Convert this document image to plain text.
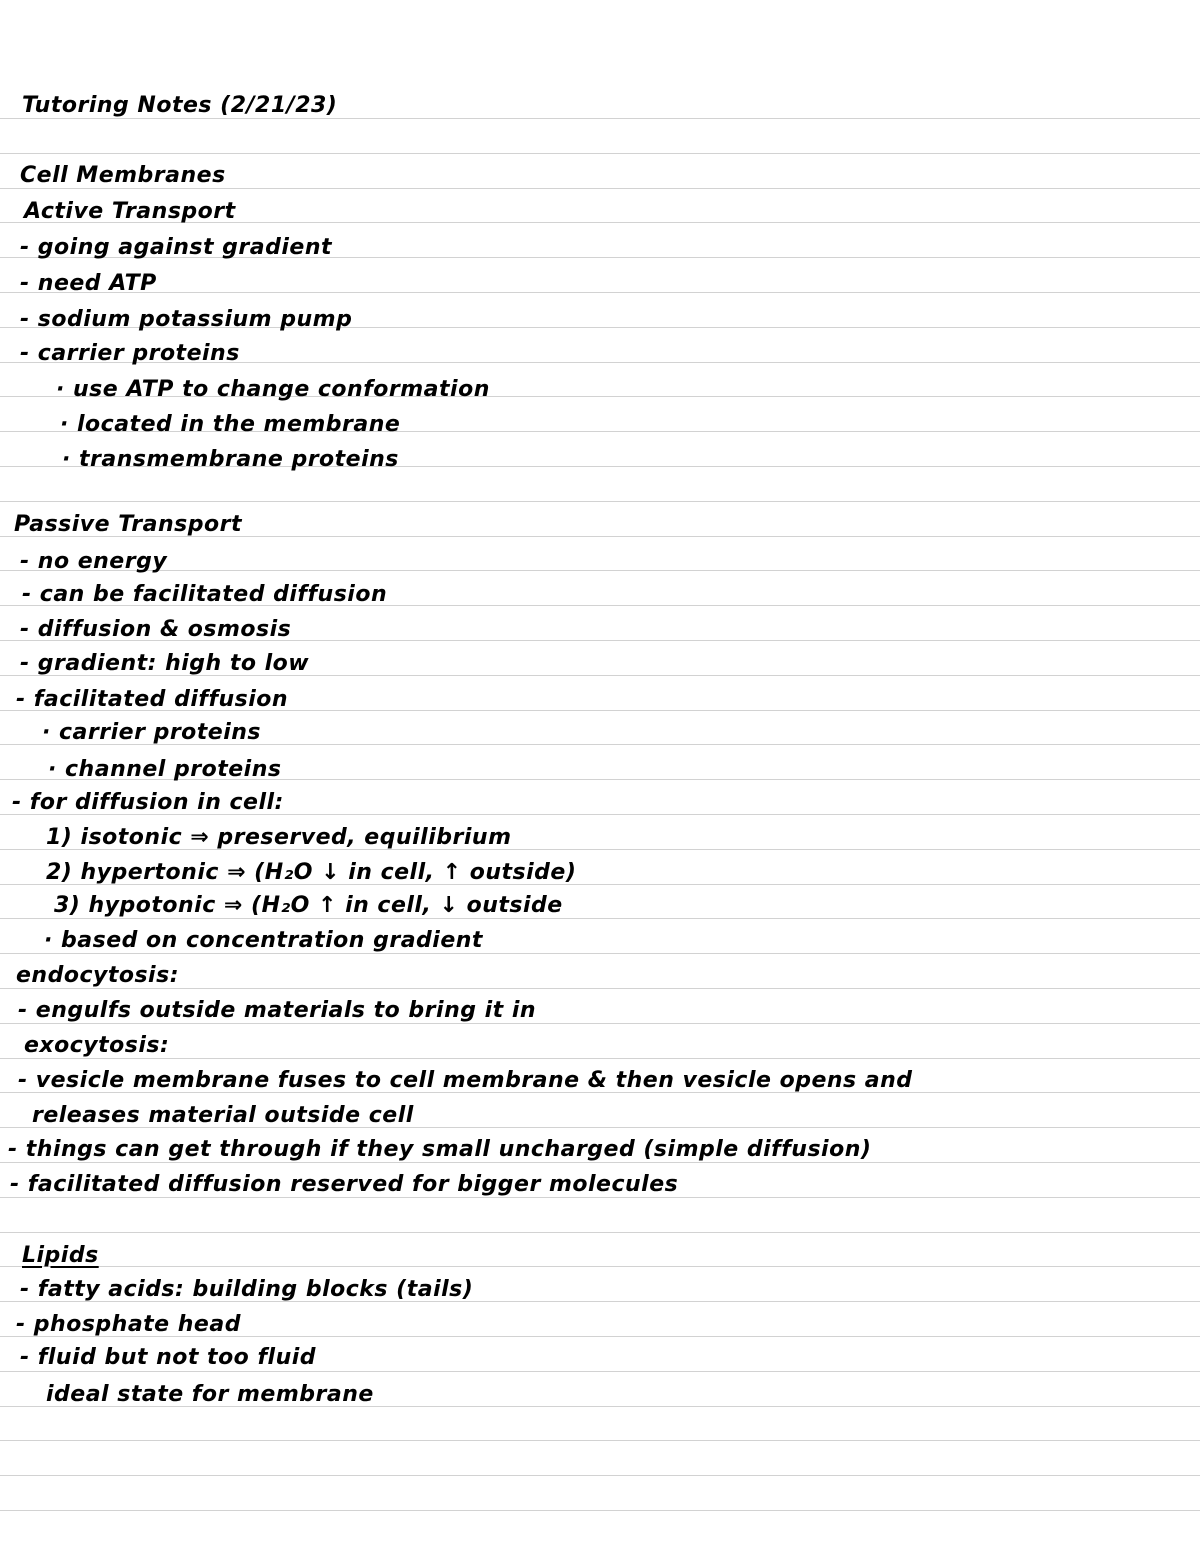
Tutoring Notes (2/21/23)
Cell Membranes
Active Transport
- going against gradient
- need ATP
- sodium potassium pump
- carrier proteins
· use ATP to change conformation
· located in the membrane
· transmembrane proteins
Passive Transport
- no energy
- can be facilitated diffusion
- diffusion & osmosis
- gradient: high to low
- facilitated diffusion
· carrier proteins
· channel proteins
- for diffusion in cell:
1) isotonic ⇒ preserved, equilibrium
2) hypertonic ⇒ (H₂O ↓ in cell, ↑ outside)
3) hypotonic ⇒ (H₂O ↑ in cell, ↓ outside
· based on concentration gradient
endocytosis:
- engulfs outside materials to bring it in
exocytosis:
- vesicle membrane fuses to cell membrane & then vesicle opens and
releases material outside cell
- things can get through if they small uncharged (simple diffusion)
- facilitated diffusion reserved for bigger molecules
Lipids
- fatty acids: building blocks (tails)
- phosphate head
- fluid but not too fluid
ideal state for membrane
